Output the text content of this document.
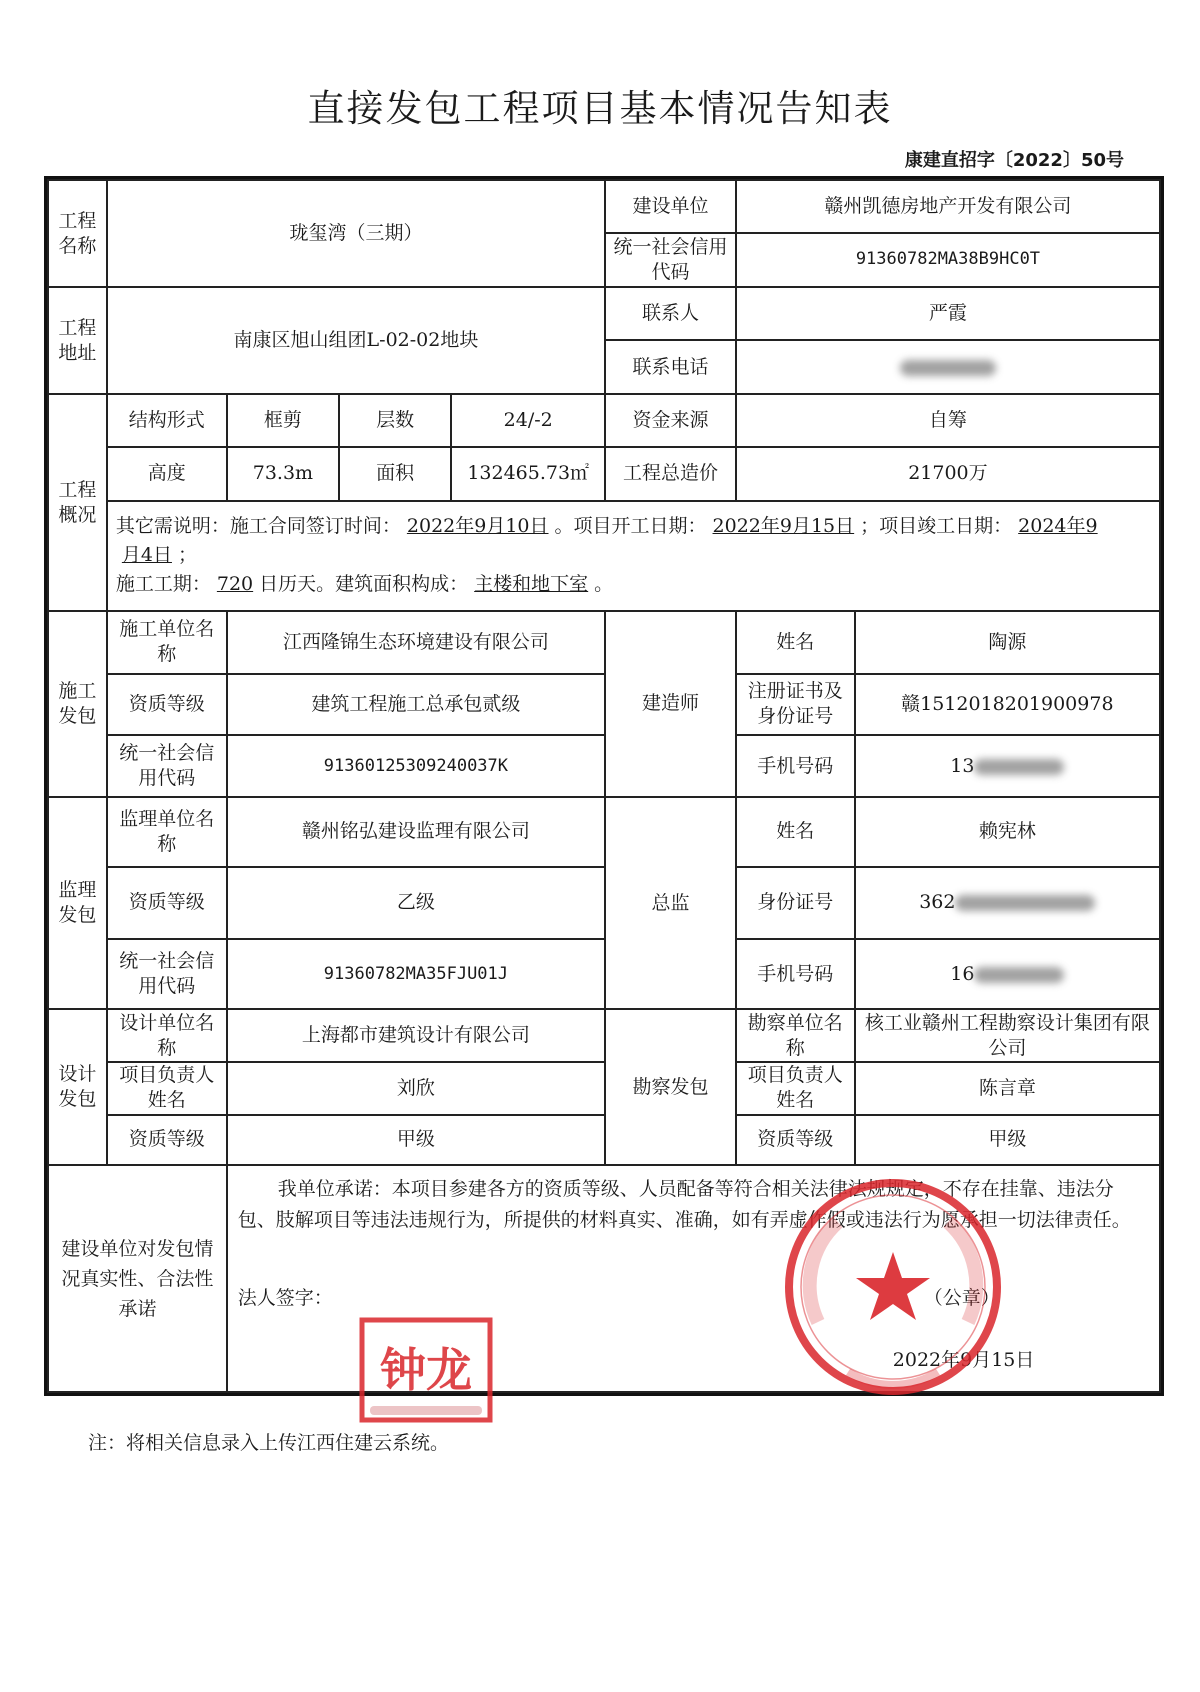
直接发包工程项目基本情况告知表
康建直招字〔2022〕50号
工程名称	珑玺湾（三期）				建设单位	赣州凯德房地产开发有限公司	
					统一社会信用代码	91360782MA38B9HC0T	
工程地址	南康区旭山组团L-02-02地块				联系人	严霞	
					联系电话		
工程概况	结构形式	框剪	层数	24/-2	资金来源	自筹	
	高度	73.3m	面积	132465.73㎡	工程总造价	21700万	
	其它需说明：施工合同签订时间： 2022年9月10日 。项目开工日期： 2022年9月15日 ；项目竣工日期： 2024年9
月4日 ；
施工工期： 720 日历天。建筑面积构成： 主楼和地下室 。						
施工发包	施工单位名称	江西隆锦生态环境建设有限公司			建造师	姓名	陶源
	资质等级	建筑工程施工总承包贰级				注册证书及身份证号	赣1512018201900978
	统一社会信用代码	91360125309240037K				手机号码	13
监理发包	监理单位名称	赣州铭弘建设监理有限公司			总监	姓名	赖宪林
	资质等级	乙级				身份证号	362
	统一社会信用代码	91360782MA35FJU01J				手机号码	16
设计发包	设计单位名称	上海都市建筑设计有限公司			勘察发包	勘察单位名称	核工业赣州工程勘察设计集团有限公司
	项目负责人姓名	刘欣				项目负责人姓名	陈言章
	资质等级	甲级				资质等级	甲级
建设单位对发包情况真实性、合法性承诺		我单位承诺：本项目参建各方的资质等级、人员配备等符合相关法律法规规定，不存在挂靠、违法分包、肢解项目等违法违规行为，所提供的材料真实、准确，如有弄虚作假或违法行为愿承担一切法律责任。
法人签字： （公章）
2022年9月15日					
注：将相关信息录入上传江西住建云系统。
钟龙
